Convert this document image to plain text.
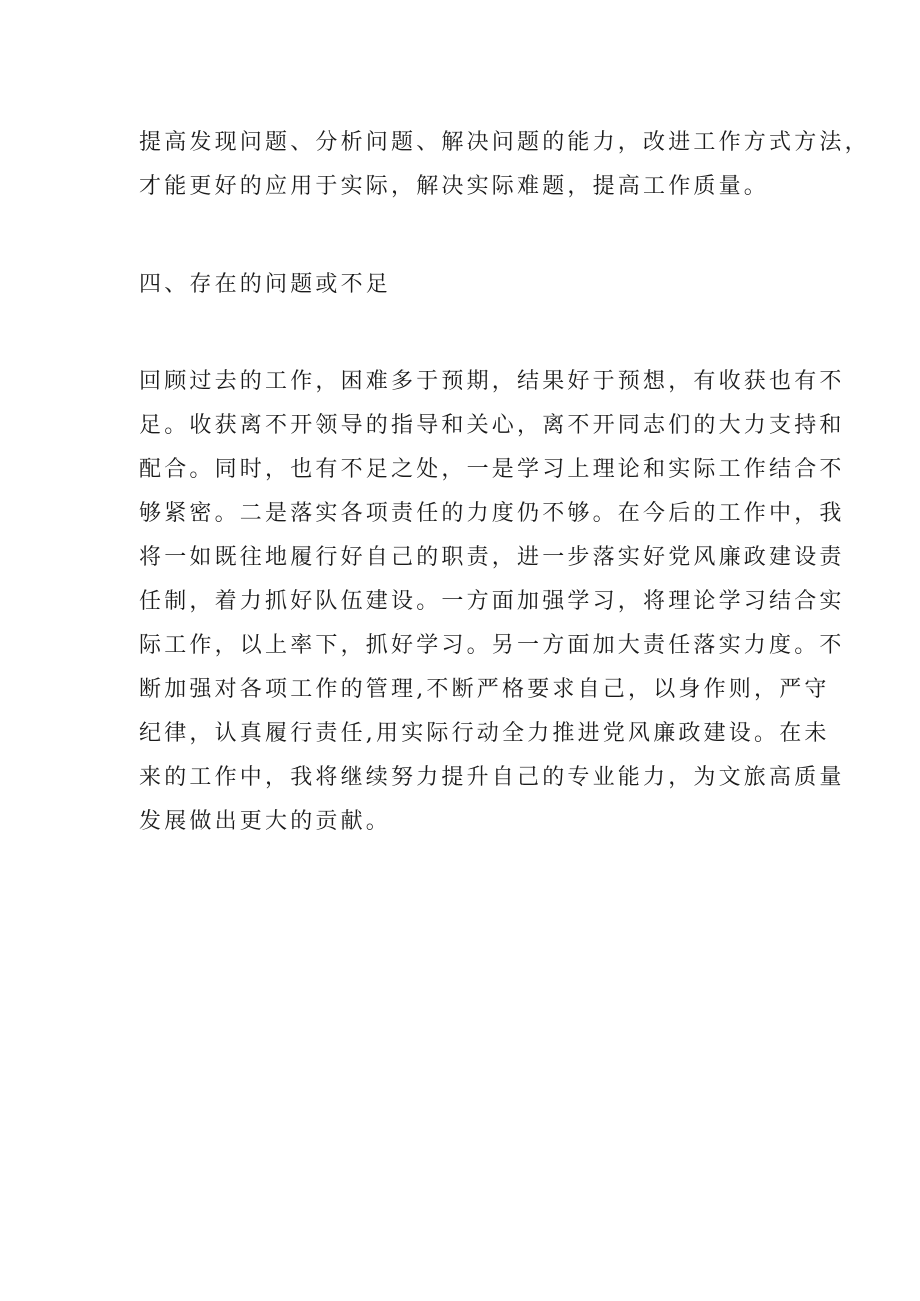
提高发现问题、分析问题、解决问题的能力，改进工作方式方法，
才能更好的应用于实际，解决实际难题，提高工作质量。
四、存在的问题或不足
回顾过去的工作，困难多于预期，结果好于预想，有收获也有不
足。收获离不开领导的指导和关心，离不开同志们的大力支持和
配合。同时，也有不足之处，一是学习上理论和实际工作结合不
够紧密。二是落实各项责任的力度仍不够。在今后的工作中，我
将一如既往地履行好自己的职责，进一步落实好党风廉政建设责
任制，着力抓好队伍建设。一方面加强学习，将理论学习结合实
际工作，以上率下，抓好学习。另一方面加大责任落实力度。不
断加强对各项工作的管理,不断严格要求自己，以身作则，严守
纪律，认真履行责任,用实际行动全力推进党风廉政建设。在未
来的工作中，我将继续努力提升自己的专业能力，为文旅高质量
发展做出更大的贡献。
